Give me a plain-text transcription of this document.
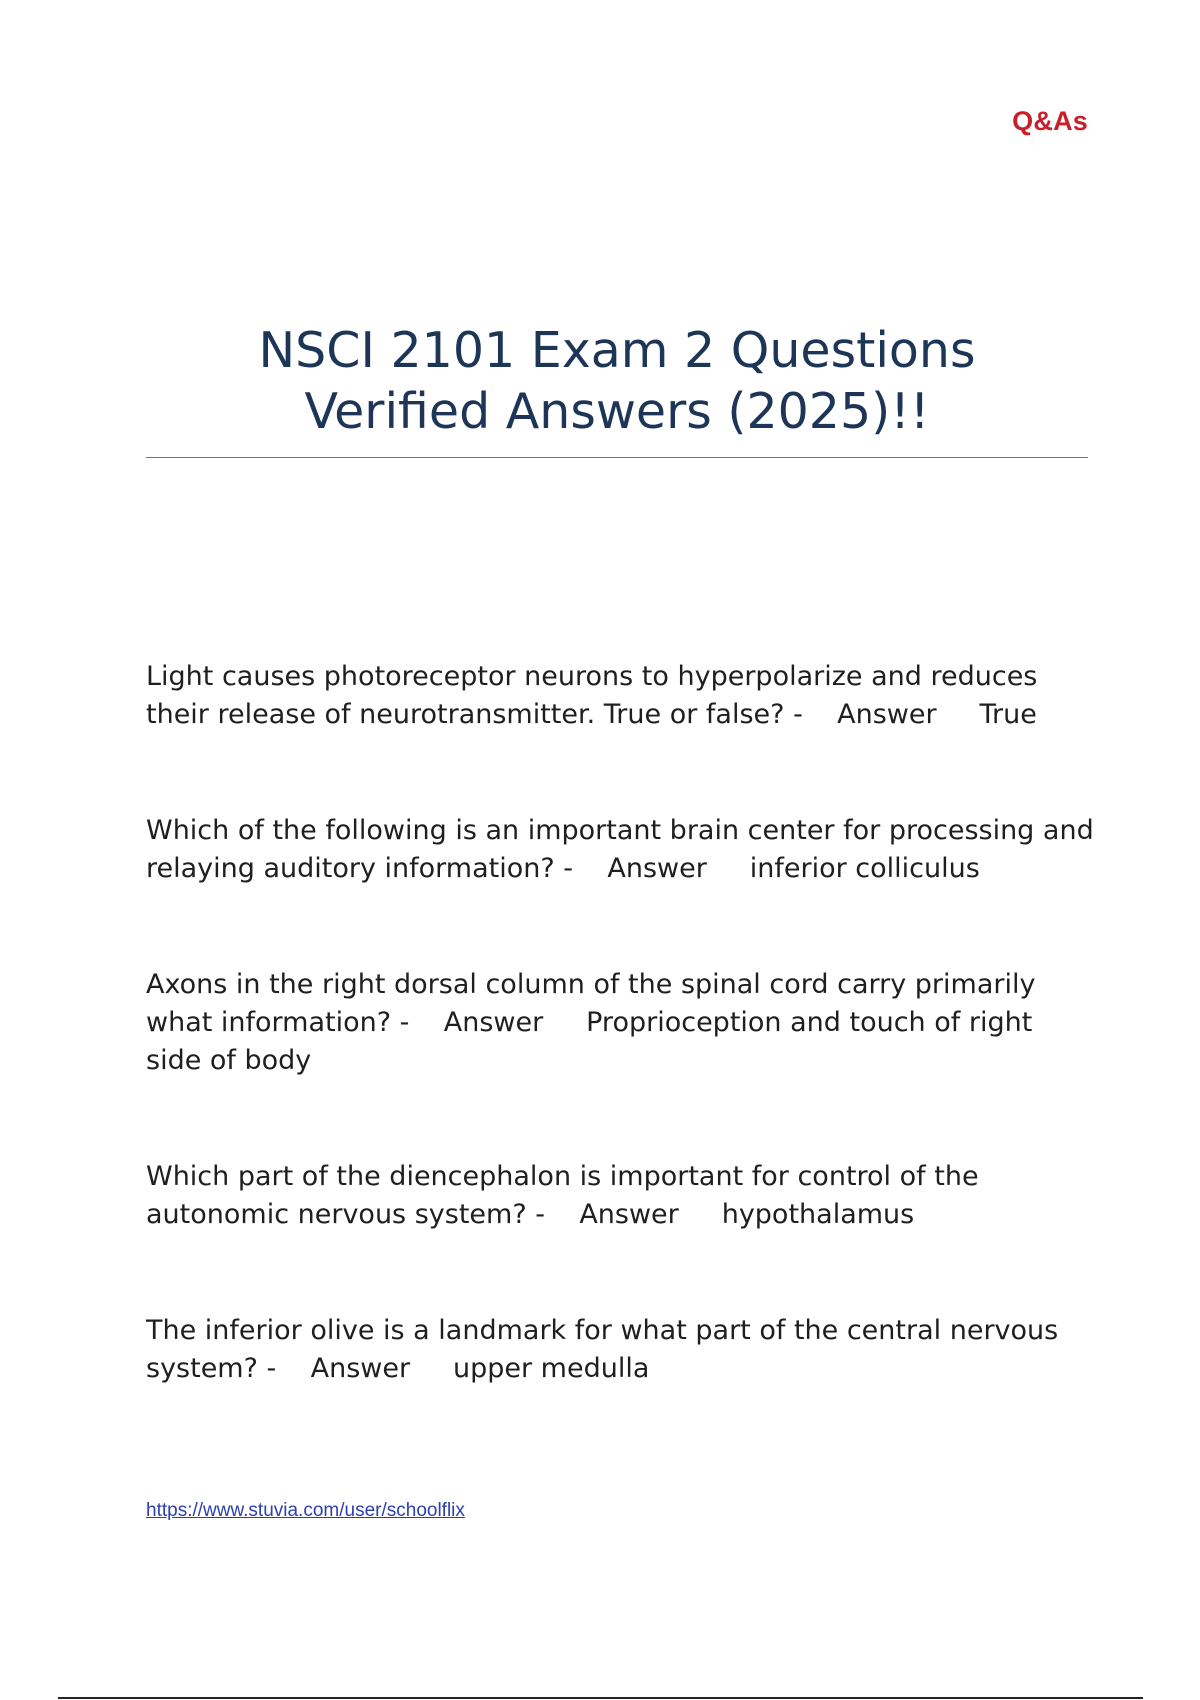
Q&As
NSCI 2101 Exam 2 Questions
Verified Answers (2025)!!

Light causes photoreceptor neurons to hyperpolarize and reduces their release of neurotransmitter. True or false? - Answer True

Which of the following is an important brain center for processing and relaying auditory information? - Answer inferior colliculus

Axons in the right dorsal column of the spinal cord carry primarily what information? - Answer Proprioception and touch of right side of body

Which part of the diencephalon is important for control of the autonomic nervous system? - Answer hypothalamus

The inferior olive is a landmark for what part of the central nervous system? - Answer upper medulla

https://www.stuvia.com/user/schoolflix
